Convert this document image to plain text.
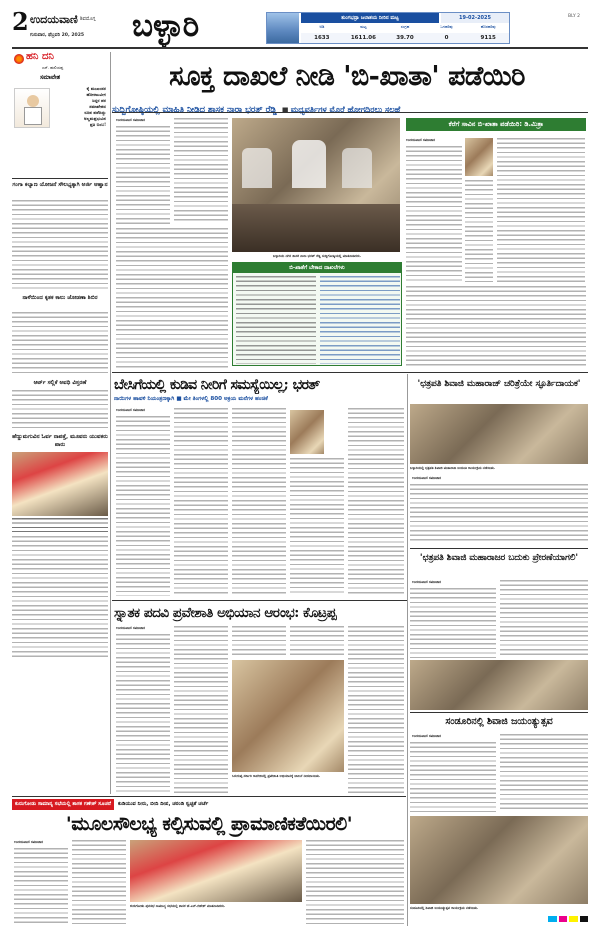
2 ಉದಯವಾಣಿ ಶಿವಮೊಗ್ಗ
ಗುರುವಾರ, ಫೆಬ್ರವರಿ 20, 2025 ಬಳ್ಳಾರಿ	ತುಂಗಭದ್ರಾ ಜಲಾಶಯ ನೀರಿನ ಮಟ್ಟ	19-02-2025
ಅಡಿ	ಮಟ್ಟ	ಸಂಗ್ರಹ	ಒಳಹರಿವು	ಹೊರಹರಿವು
1633	1611.06	39.70	0	9115
BLY 2
ಹನಿ ದನಿ
ಎಸ್. ಹುಲಿಯಪ್ಪ
ಸಮಾವೇಶ
ಕೈ ಮುಖಂಡರ
ಹೋರಾಟವೀಗ
ಸಿದ್ದರ ಪರ
ಸಮಾವೇಶದ
ರೂಪ ಪಡೆದಿದ್ದು
ಅಲ್ಲಮಪ್ರಭುವಿನ
ಪ್ರತಿ ಬಿಂಬ!
ಗಂಗಾ ಕಲ್ಯಾಣ ಯೋಜನೆ ಸೌಲಭ್ಯಕ್ಕಾಗಿ ಅರ್ಜಿ ಆಹ್ವಾನ
ನಾಳೆಯಿಂದ ಕೃತಕ ಕಾಲು ಜೋಡಣಾ ಶಿಬಿರ
ಆರ್ಟ್ ಸಲ್ಲಿಕೆ ಅವಧಿ ವಿಸ್ತರಣೆ
ಹೆಣ್ಣುಮಗುವಿನ ಓರ್ವ ನಾಪತ್ತೆ, ಮೂವರು ಯುವಕರು ಪಾರು
ಸೂಕ್ತ ದಾಖಲೆ ನೀಡಿ 'ಬಿ-ಖಾತಾ' ಪಡೆಯಿರಿ
ಸುದ್ದಿಗೋಷ್ಠಿಯಲ್ಲಿ ಮಾಹಿತಿ ನೀಡಿದ ಶಾಸಕ ನಾರಾ ಭರತ್ ರೆಡ್ಡಿ ■ ಮಧ್ಯವರ್ತಿಗಳ ಮೊರೆ ಹೋಗದಿರಲು ಸಲಹೆ
ಉದಯವಾಣಿ ಸಮಾಚಾರ
ಬಳ್ಳಾರಿಯ ನಗರ ಶಾಸಕ ನಾರಾ ಭರತ್ ರೆಡ್ಡಿ ಸುದ್ದಿಗೋಷ್ಠಿಯಲ್ಲಿ ಮಾತನಾಡಿದರು.
ಬಿ-ಖಾತೆಗೆ ಬೇಕಾದ ದಾಖಲೆಗಳು
ಕೆರೆಗೆ ಸಾವಿನ ಬಿ-ಖಾತಾ ಪಡೆಯಿರಿ: ಡಿ.ಮಿತ್ರಾ
ಉದಯವಾಣಿ ಸಮಾಚಾರ
ಬೇಸಿಗೆಯಲ್ಲಿ ಕುಡಿವ ನೀರಿಗೆ ಸಮಸ್ಯೆಯಿಲ್ಲ; ಭರತ್
ನಾಯಿಗಳ ಹಾವಳಿ ನಿಯಂತ್ರಣಕ್ಕಾಗಿ ■ ಮೇ ತಿಂಗಳಲ್ಲಿ 800 ಅಕ್ರಯ ಮನೆಗಳ ಹಂಚಿಕೆ
ಉದಯವಾಣಿ ಸಮಾಚಾರ
'ಛತ್ರಪತಿ ಶಿವಾಜಿ ಮಹಾರಾಜ್ ಚರಿತ್ರೆಯೇ ಸ್ಫೂರ್ತಿದಾಯಕ'
ಬಳ್ಳಾರಿಯಲ್ಲಿ ಛತ್ರಪತಿ ಶಿವಾಜಿ ಮಹಾರಾಜ ಜಯಂತಿ ಕಾರ್ಯಕ್ರಮ ನಡೆಯಿತು.
ಉದಯವಾಣಿ ಸಮಾಚಾರ
ಸ್ನಾತಕ ಪದವಿ ಪ್ರವೇಶಾತಿ ಅಭಿಯಾನ ಆರಂಭ: ಕೊಟ್ರಪ್ಪ
ಉದಯವಾಣಿ ಸಮಾಚಾರ
ಸಿರುಗುಪ್ಪ ಸರ್ಕಾರಿ ಕಾಲೇಜಿನಲ್ಲಿ ಪ್ರವೇಶಾತಿ ಅಭಿಯಾನಕ್ಕೆ ಚಾಲನೆ ನೀಡಲಾಯಿತು.
'ಛತ್ರಪತಿ ಶಿವಾಜಿ ಮಹಾರಾಜರ ಬದುಕು ಪ್ರೇರಣೆಯಾಗಲಿ'
ಉದಯವಾಣಿ ಸಮಾಚಾರ
ಸಂಡೂರಿನಲ್ಲಿ ಶಿವಾಜಿ ಜಯಂತ್ಯುತ್ಸವ
ಉದಯವಾಣಿ ಸಮಾಚಾರ
ಸಂಡೂರಿನಲ್ಲಿ ಶಿವಾಜಿ ಜಯಂತ್ಯುತ್ಸವ ಕಾರ್ಯಕ್ರಮ ನಡೆಯಿತು.
ಕುರುಗೋಡು ಸಾಮಾನ್ಯ ಸಭೆಯಲ್ಲಿ ಶಾಸಕ ಗಣೇಶ್ ಸೂಚನೆ	ಕುಡಿಯುವ ನೀರು, ಬೀದಿ ದೀಪ, ಚರಂಡಿ ಸ್ವಚ್ಛತೆ ಚರ್ಚೆ
'ಮೂಲಸೌಲಭ್ಯ ಕಲ್ಪಿಸುವಲ್ಲಿ ಪ್ರಾಮಾಣಿಕತೆಯಿರಲಿ'
ಉದಯವಾಣಿ ಸಮಾಚಾರ
ಕುರುಗೋಡು ಪುರಸಭೆ ಸಾಮಾನ್ಯ ಸಭೆಯಲ್ಲಿ ಶಾಸಕ ಜೆ.ಎನ್.ಗಣೇಶ್ ಮಾತನಾಡಿದರು.
